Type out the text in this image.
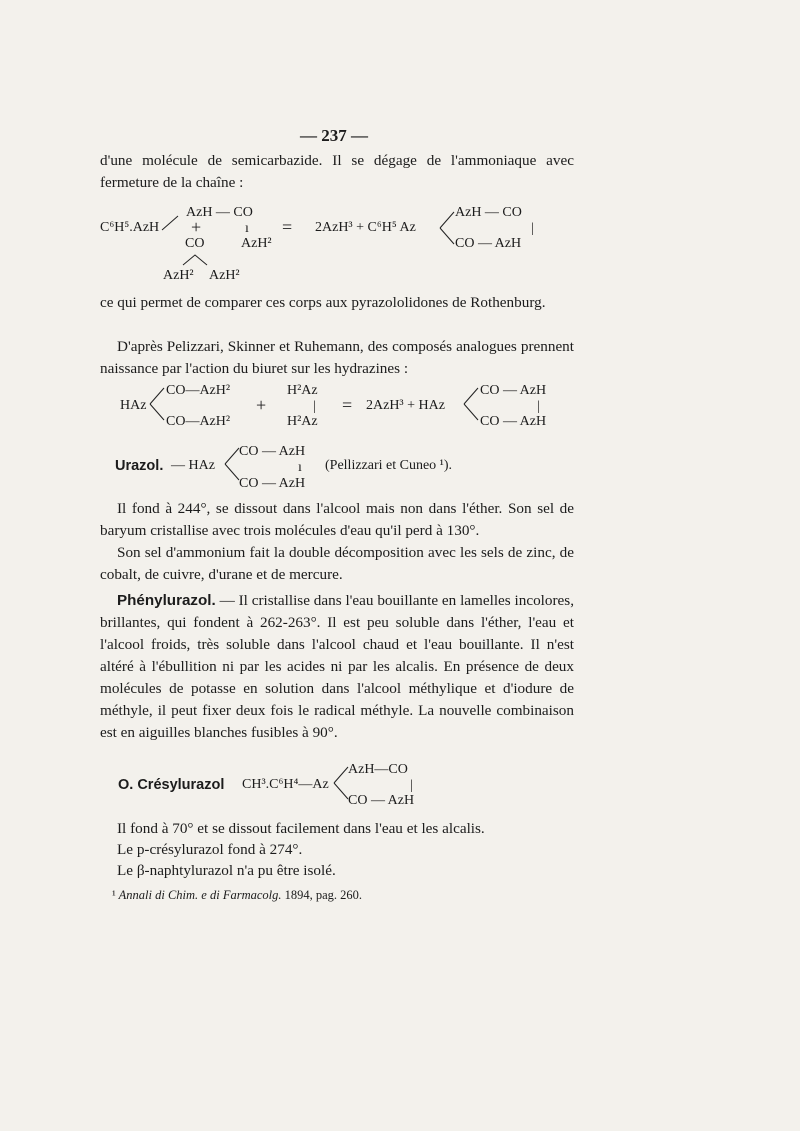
— 237 —
d'une molécule de semicarbazide. Il se dégage de l'ammoniaque avec fermeture de la chaîne :
C⁶H⁵.AzH
AzH — CO
+	ı
CO	AzH²
AzH² AzH²
= 2AzH³ + C⁶H⁵ Az
AzH — CO
|
CO — AzH
ce qui permet de comparer ces corps aux pyrazololidones de Rothenburg.
D'après Pelizzari, Skinner et Ruhemann, des composés analogues prennent naissance par l'action du biuret sur les hydrazines :
HAz
CO—AzH²
CO—AzH²
+
H²Az
|
H²Az
= 2AzH³ + HAz
CO — AzH
|
CO — AzH
Urazol. — HAz
CO — AzH
ı
CO — AzH
(Pellizzari et Cuneo ¹).
Il fond à 244°, se dissout dans l'alcool mais non dans l'éther. Son sel de baryum cristallise avec trois molécules d'eau qu'il perd à 130°.
Son sel d'ammonium fait la double décomposition avec les sels de zinc, de cobalt, de cuivre, d'urane et de mercure.
Phénylurazol. — Il cristallise dans l'eau bouillante en lamelles incolores, brillantes, qui fondent à 262-263°. Il est peu soluble dans l'éther, l'eau et l'alcool froids, très soluble dans l'alcool chaud et l'eau bouillante. Il n'est altéré à l'ébullition ni par les acides ni par les alcalis. En présence de deux molécules de potasse en solution dans l'alcool méthylique et d'iodure de méthyle, il peut fixer deux fois le radical méthyle. La nouvelle combinaison est en aiguilles blanches fusibles à 90°.
O. Crésylurazol CH³.C⁶H⁴—Az
AzH—CO
|
CO — AzH
Il fond à 70° et se dissout facilement dans l'eau et les alcalis.
Le p-crésylurazol fond à 274°.
Le β-naphtylurazol n'a pu être isolé.
¹ Annali di Chim. e di Farmacolg. 1894, pag. 260.
